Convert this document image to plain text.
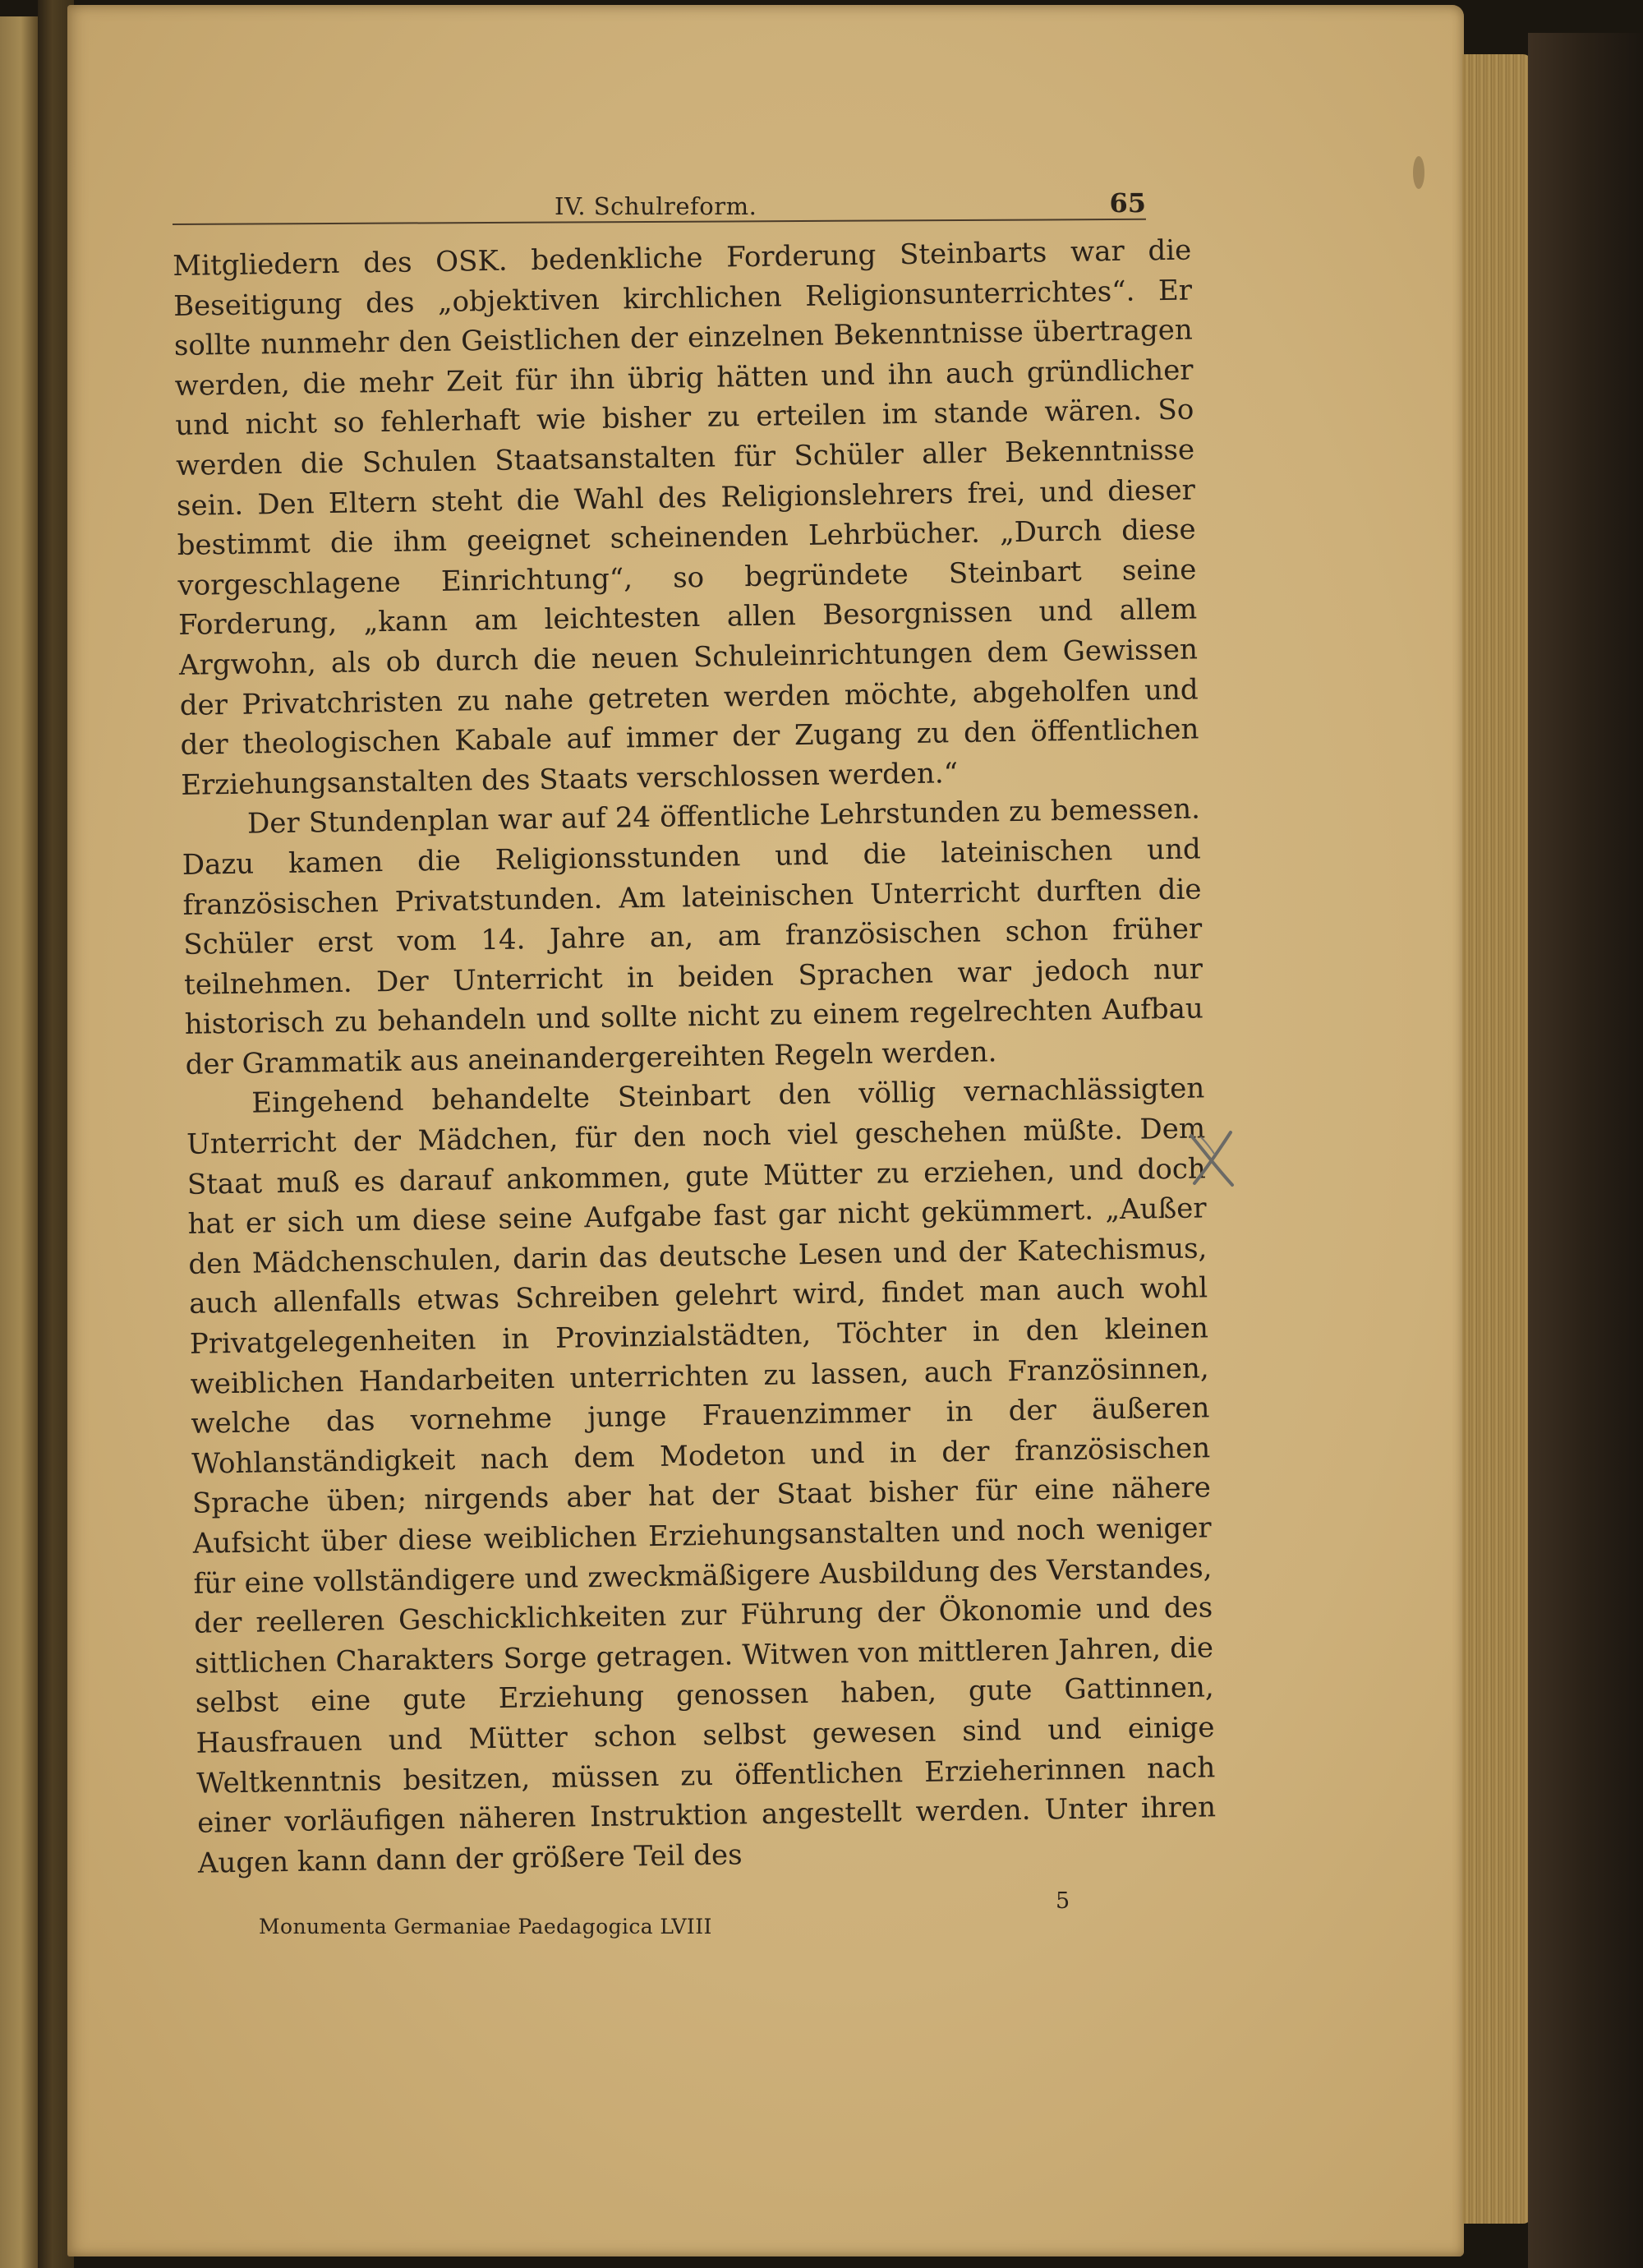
IV. Schulreform.	65

Mitgliedern des OSK. bedenkliche Forderung Steinbarts war die Beseitigung des „objektiven kirchlichen Religionsunterrichtes“. Er sollte nunmehr den Geistlichen der einzelnen Bekenntnisse übertragen werden, die mehr Zeit für ihn übrig hätten und ihn auch gründlicher und nicht so fehlerhaft wie bisher zu erteilen im stande wären. So werden die Schulen Staatsanstalten für Schüler aller Bekenntnisse sein. Den Eltern steht die Wahl des Religionslehrers frei, und dieser bestimmt die ihm geeignet scheinenden Lehrbücher. „Durch diese vorgeschlagene Einrichtung“, so begründete Steinbart seine Forderung, „kann am leichtesten allen Besorgnissen und allem Argwohn, als ob durch die neuen Schuleinrichtungen dem Gewissen der Privatchristen zu nahe getreten werden möchte, abgeholfen und der theologischen Kabale auf immer der Zugang zu den öffentlichen Erziehungsanstalten des Staats verschlossen werden.“

Der Stundenplan war auf 24 öffentliche Lehrstunden zu bemessen. Dazu kamen die Religionsstunden und die lateinischen und französischen Privatstunden. Am lateinischen Unterricht durften die Schüler erst vom 14. Jahre an, am französischen schon früher teilnehmen. Der Unterricht in beiden Sprachen war jedoch nur historisch zu behandeln und sollte nicht zu einem regelrechten Aufbau der Grammatik aus aneinandergereihten Regeln werden.

Eingehend behandelte Steinbart den völlig vernachlässigten Unterricht der Mädchen, für den noch viel geschehen müßte. Dem Staat muß es darauf ankommen, gute Mütter zu erziehen, und doch hat er sich um diese seine Aufgabe fast gar nicht gekümmert. „Außer den Mädchenschulen, darin das deutsche Lesen und der Katechismus, auch allenfalls etwas Schreiben gelehrt wird, findet man auch wohl Privatgelegenheiten in Provinzialstädten, Töchter in den kleinen weiblichen Handarbeiten unterrichten zu lassen, auch Französinnen, welche das vornehme junge Frauenzimmer in der äußeren Wohlanständigkeit nach dem Modeton und in der französischen Sprache üben; nirgends aber hat der Staat bisher für eine nähere Aufsicht über diese weiblichen Erziehungsanstalten und noch weniger für eine vollständigere und zweckmäßigere Ausbildung des Verstandes, der reelleren Geschicklichkeiten zur Führung der Ökonomie und des sittlichen Charakters Sorge getragen. Witwen von mittleren Jahren, die selbst eine gute Erziehung genossen haben, gute Gattinnen, Hausfrauen und Mütter schon selbst gewesen sind und einige Weltkenntnis besitzen, müssen zu öffentlichen Erzieherinnen nach einer vorläufigen näheren Instruktion angestellt werden. Unter ihren Augen kann dann der größere Teil des

5
Monumenta Germaniae Paedagogica LVIII
